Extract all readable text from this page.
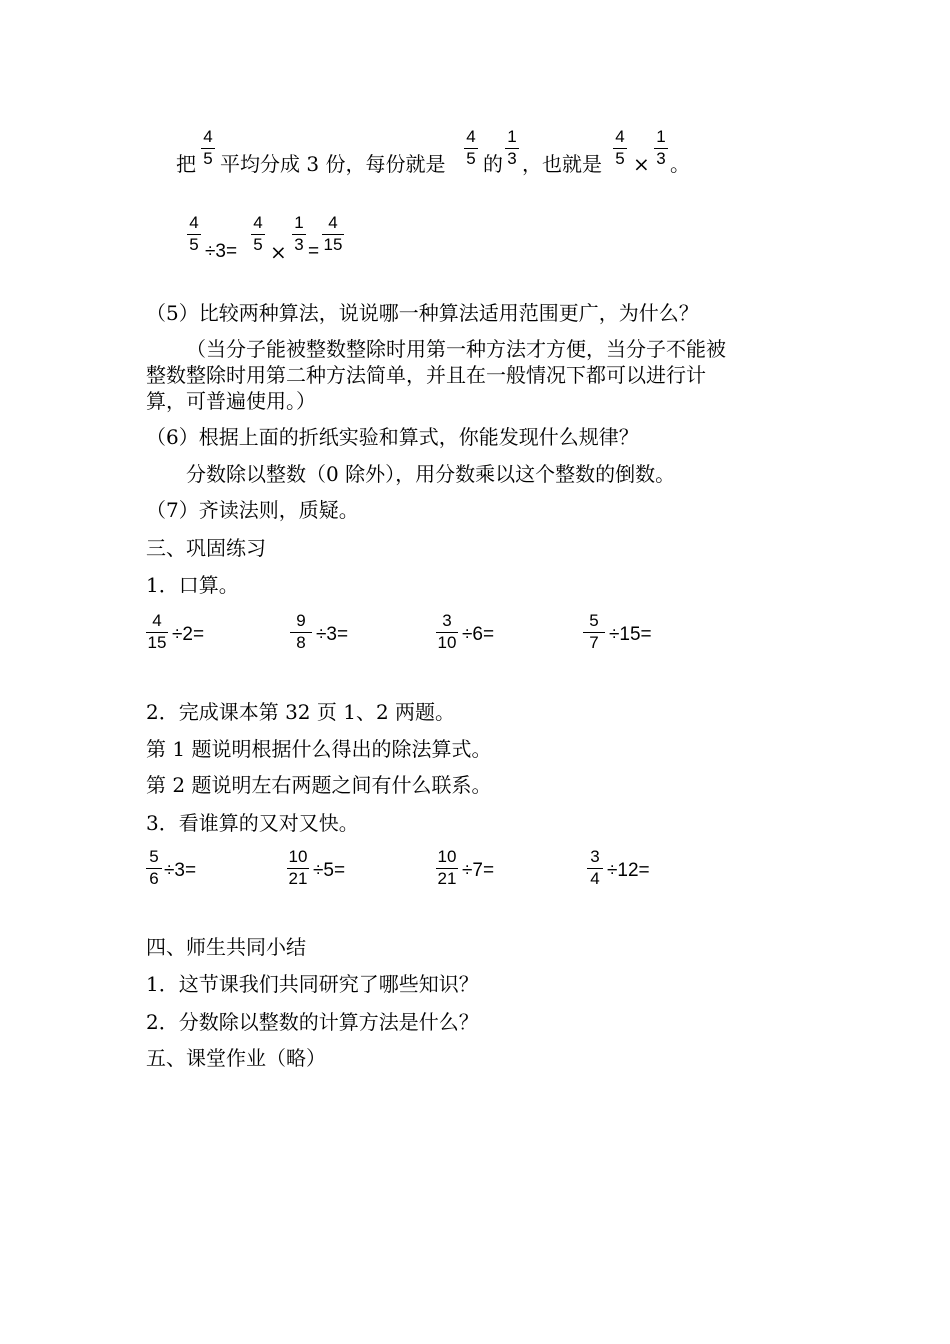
把
4
5 平均分成 3 份，每份就是
4
5 的
1
3 ，也就是
4
5 ×
1
3 。
4
5 ÷3=
4
5 ×
1
3 =
4
15
（5）比较两种算法，说说哪一种算法适用范围更广，为什么？
（当分子能被整数整除时用第一种方法才方便，当分子不能被
整数整除时用第二种方法简单，并且在一般情况下都可以进行计
算，可普遍使用。）
（6）根据上面的折纸实验和算式，你能发现什么规律？
分数除以整数（0 除外），用分数乘以这个整数的倒数。
（7）齐读法则，质疑。
三、巩固练习
1．口算。
4
15 ÷2=
9
8 ÷3=
3
10 ÷6=
5
7 ÷15=
2．完成课本第 32 页 1、2 两题。
第 1 题说明根据什么得出的除法算式。
第 2 题说明左右两题之间有什么联系。
3．看谁算的又对又快。
5
6 ÷3=
10
21 ÷5=
10
21 ÷7=
3
4 ÷12=
四、师生共同小结
1．这节课我们共同研究了哪些知识？
2．分数除以整数的计算方法是什么？
五、课堂作业（略）
